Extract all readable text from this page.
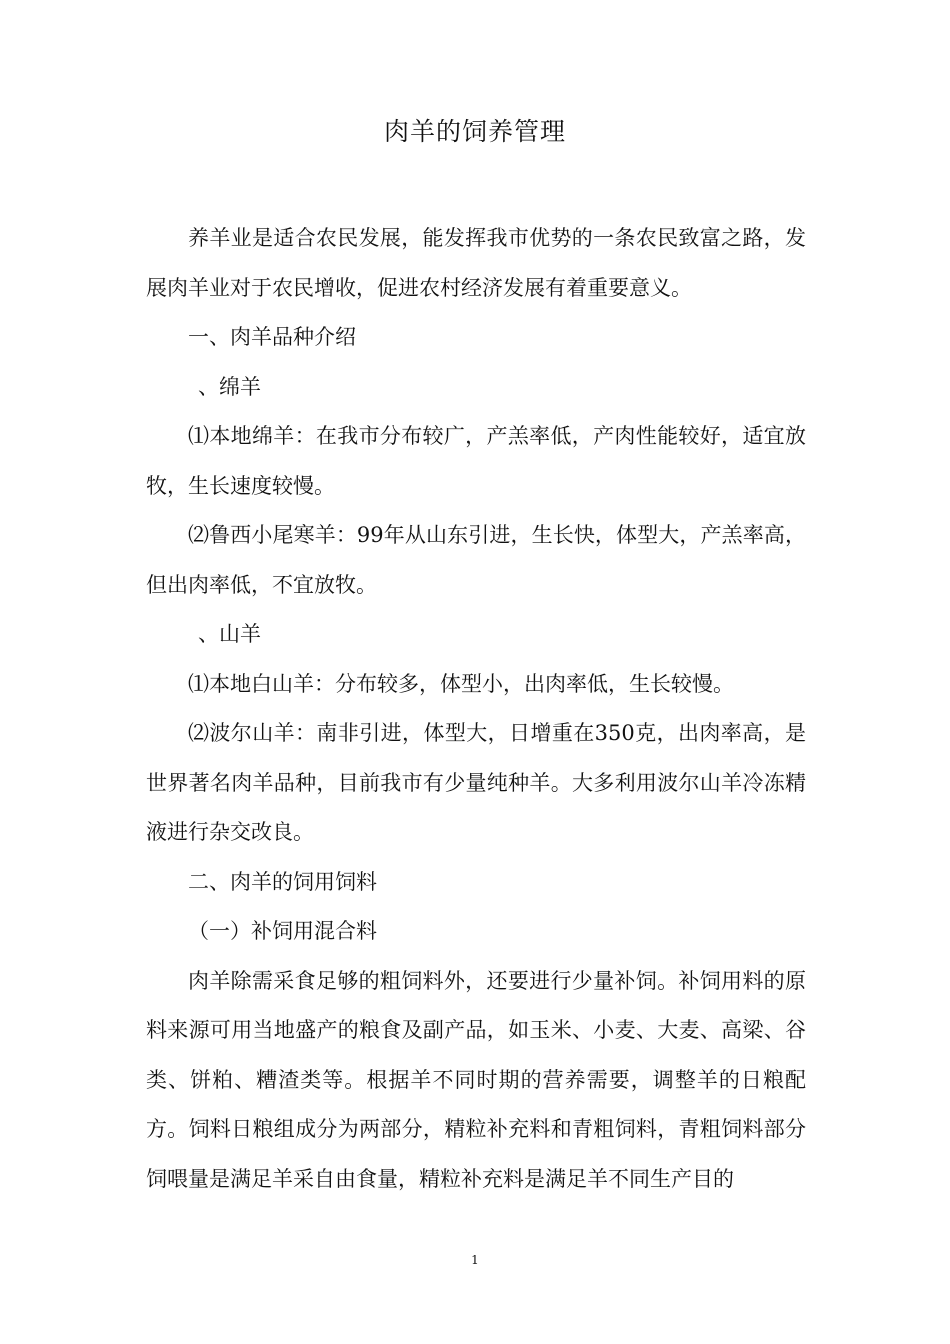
肉羊的饲养管理

养羊业是适合农民发展，能发挥我市优势的一条农民致富之路，发展肉羊业对于农民增收，促进农村经济发展有着重要意义。

一、肉羊品种介绍

、绵羊

⑴本地绵羊：在我市分布较广，产羔率低，产肉性能较好，适宜放牧，生长速度较慢。

⑵鲁西小尾寒羊：99年从山东引进，生长快，体型大，产羔率高，但出肉率低，不宜放牧。

、山羊

⑴本地白山羊：分布较多，体型小，出肉率低，生长较慢。

⑵波尔山羊：南非引进，体型大，日增重在350克，出肉率高，是世界著名肉羊品种，目前我市有少量纯种羊。大多利用波尔山羊冷冻精液进行杂交改良。

二、肉羊的饲用饲料

（一）补饲用混合料

肉羊除需采食足够的粗饲料外，还要进行少量补饲。补饲用料的原料来源可用当地盛产的粮食及副产品，如玉米、小麦、大麦、高梁、谷类、饼粕、糟渣类等。根据羊不同时期的营养需要，调整羊的日粮配方。饲料日粮组成分为两部分，精粒补充料和青粗饲料，青粗饲料部分饲喂量是满足羊采自由食量，精粒补充料是满足羊不同生产目的

1
